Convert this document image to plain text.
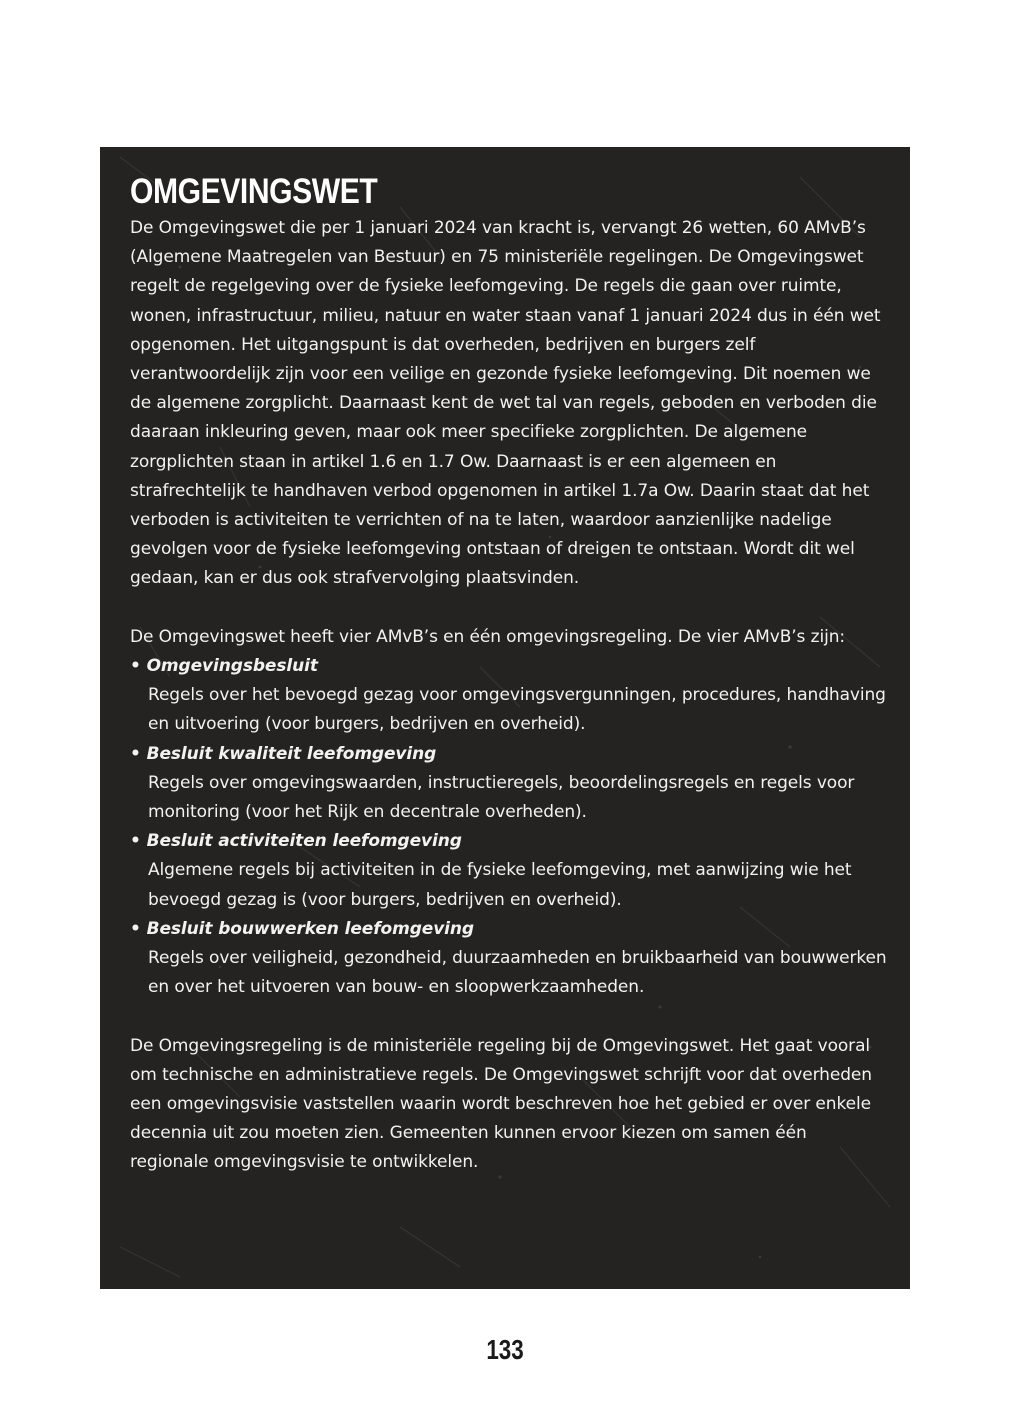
OMGEVINGSWET

De Omgevingswet die per 1 januari 2024 van kracht is, vervangt 26 wetten, 60 AMvB’s (Algemene Maatregelen van Bestuur) en 75 ministeriële regelingen. De Omgevingswet regelt de regelgeving over de fysieke leefomgeving. De regels die gaan over ruimte, wonen, infrastructuur, milieu, natuur en water staan vanaf 1 januari 2024 dus in één wet opgenomen. Het uitgangspunt is dat overheden, bedrijven en burgers zelf verantwoordelijk zijn voor een veilige en gezonde fysieke leefomgeving. Dit noemen we de algemene zorgplicht. Daarnaast kent de wet tal van regels, geboden en verboden die daaraan inkleuring geven, maar ook meer specifieke zorgplichten. De algemene zorgplichten staan in artikel 1.6 en 1.7 Ow. Daarnaast is er een algemeen en strafrechtelijk te handhaven verbod opgenomen in artikel 1.7a Ow. Daarin staat dat het verboden is activiteiten te verrichten of na te laten, waardoor aanzienlijke nadelige gevolgen voor de fysieke leefomgeving ontstaan of dreigen te ontstaan. Wordt dit wel gedaan, kan er dus ook strafvervolging plaatsvinden.

De Omgevingswet heeft vier AMvB’s en één omgevingsregeling. De vier AMvB’s zijn:

• Omgevingsbesluit
Regels over het bevoegd gezag voor omgevingsvergunningen, procedures, handhaving en uitvoering (voor burgers, bedrijven en overheid).
• Besluit kwaliteit leefomgeving
Regels over omgevingswaarden, instructieregels, beoordelingsregels en regels voor monitoring (voor het Rijk en decentrale overheden).
• Besluit activiteiten leefomgeving
Algemene regels bij activiteiten in de fysieke leefomgeving, met aanwijzing wie het bevoegd gezag is (voor burgers, bedrijven en overheid).
• Besluit bouwwerken leefomgeving
Regels over veiligheid, gezondheid, duurzaamheden en bruikbaarheid van bouwwerken en over het uitvoeren van bouw- en sloopwerkzaamheden.

De Omgevingsregeling is de ministeriële regeling bij de Omgevingswet. Het gaat vooral om technische en administratieve regels. De Omgevingswet schrijft voor dat overheden een omgevingsvisie vaststellen waarin wordt beschreven hoe het gebied er over enkele decennia uit zou moeten zien. Gemeenten kunnen ervoor kiezen om samen één regionale omgevingsvisie te ontwikkelen.

133
